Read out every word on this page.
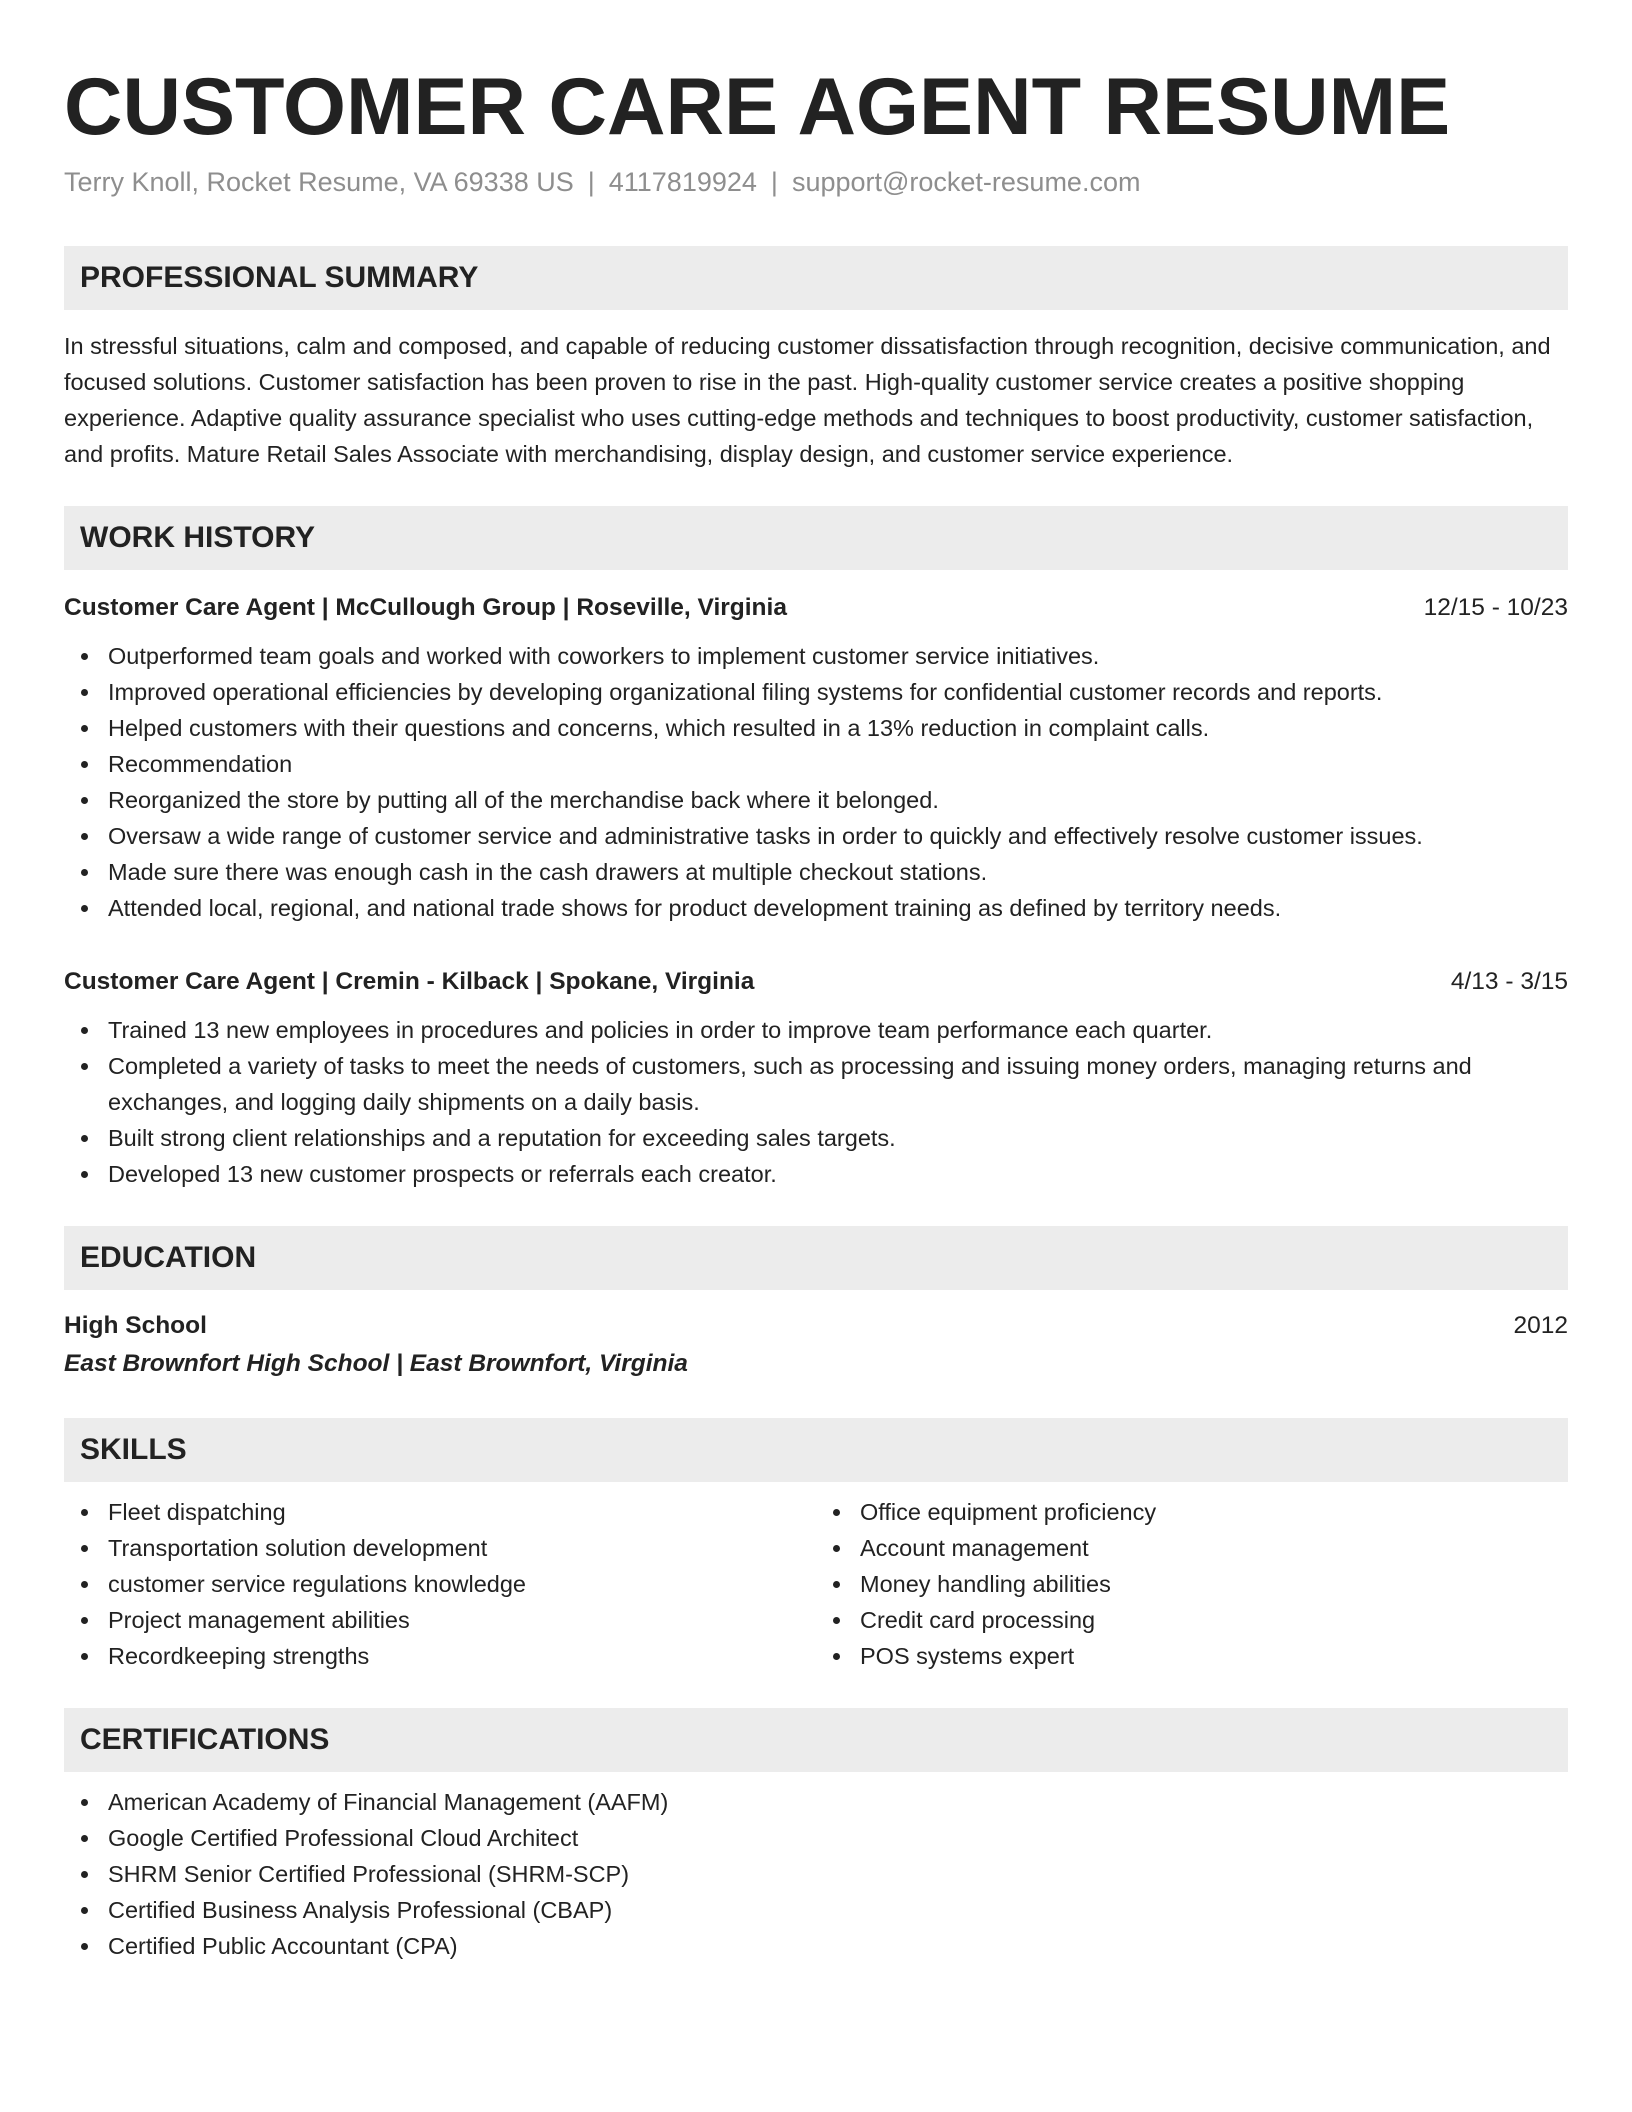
CUSTOMER CARE AGENT RESUME
Terry Knoll, Rocket Resume, VA 69338 US | 4117819924 | support@rocket-resume.com
PROFESSIONAL SUMMARY

In stressful situations, calm and composed, and capable of reducing customer dissatisfaction through recognition, decisive communication, and focused solutions. Customer satisfaction has been proven to rise in the past. High-quality customer service creates a positive shopping experience. Adaptive quality assurance specialist who uses cutting-edge methods and techniques to boost productivity, customer satisfaction, and profits. Mature Retail Sales Associate with merchandising, display design, and customer service experience.

WORK HISTORY
Customer Care Agent | McCullough Group | Roseville, Virginia	12/15 - 10/23
Outperformed team goals and worked with coworkers to implement customer service initiatives.
Improved operational efficiencies by developing organizational filing systems for confidential customer records and reports.
Helped customers with their questions and concerns, which resulted in a 13% reduction in complaint calls.
Recommendation
Reorganized the store by putting all of the merchandise back where it belonged.
Oversaw a wide range of customer service and administrative tasks in order to quickly and effectively resolve customer issues.
Made sure there was enough cash in the cash drawers at multiple checkout stations.
Attended local, regional, and national trade shows for product development training as defined by territory needs.
Customer Care Agent | Cremin - Kilback | Spokane, Virginia	4/13 - 3/15
Trained 13 new employees in procedures and policies in order to improve team performance each quarter.
Completed a variety of tasks to meet the needs of customers, such as processing and issuing money orders, managing returns and exchanges, and logging daily shipments on a daily basis.
Built strong client relationships and a reputation for exceeding sales targets.
Developed 13 new customer prospects or referrals each creator.
EDUCATION
High School	2012
East Brownfort High School | East Brownfort, Virginia
SKILLS
Fleet dispatching
Transportation solution development
customer service regulations knowledge
Project management abilities
Recordkeeping strengths
Office equipment proficiency
Account management
Money handling abilities
Credit card processing
POS systems expert
CERTIFICATIONS
American Academy of Financial Management (AAFM)
Google Certified Professional Cloud Architect
SHRM Senior Certified Professional (SHRM-SCP)
Certified Business Analysis Professional (CBAP)
Certified Public Accountant (CPA)
